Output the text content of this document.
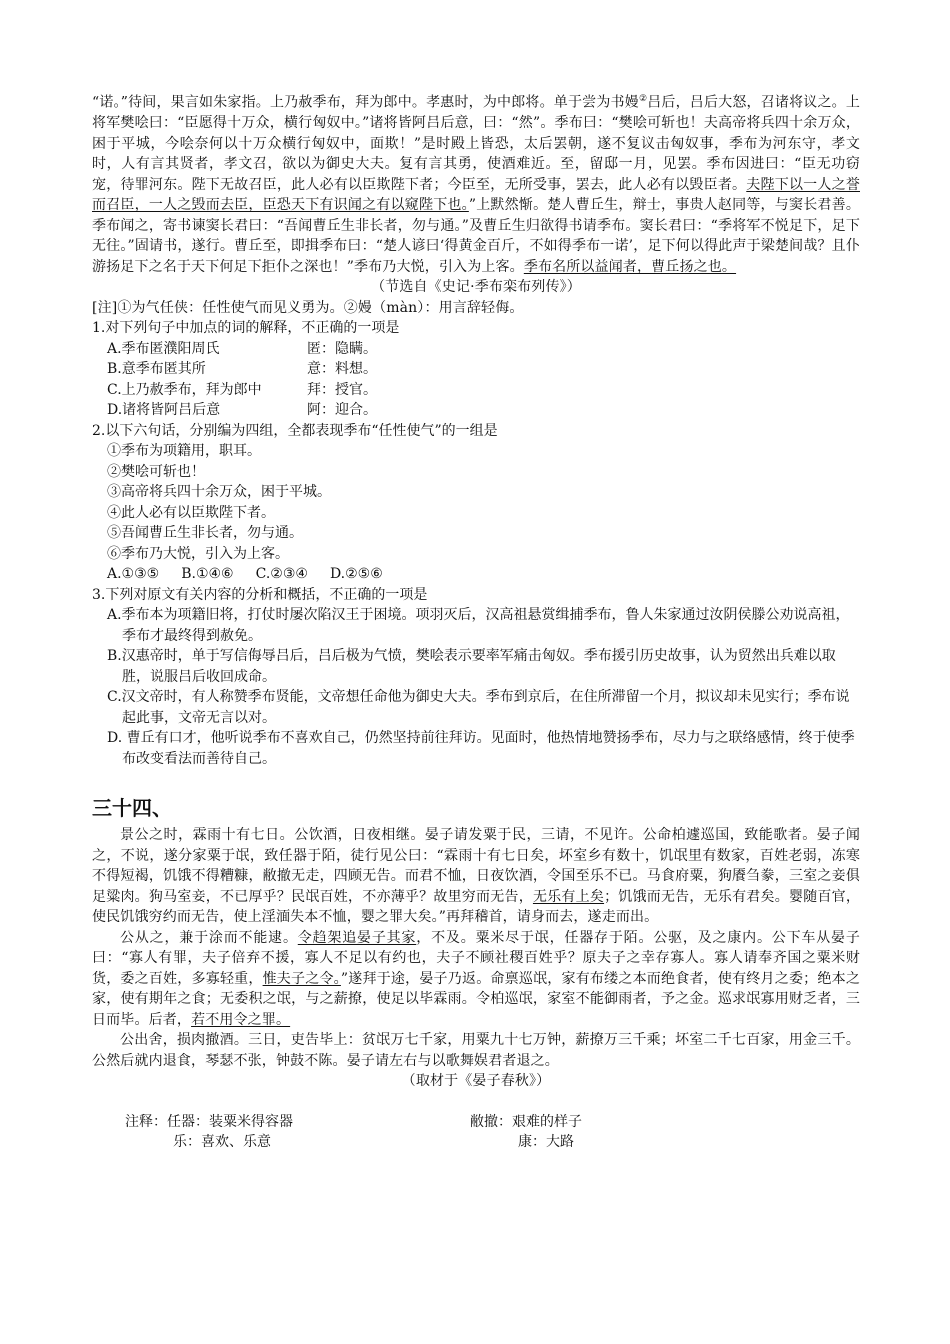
“诺。”待间，果言如朱家指。上乃赦季布，拜为郎中。孝惠时，为中郎将。单于尝为书嫚②吕后，吕后大怒，召诸将议之。上将军樊哙曰：“臣愿得十万众，横行匈奴中。”诸将皆阿吕后意，曰：“然”。季布曰：“樊哙可斩也！夫高帝将兵四十余万众，困于平城，今哙奈何以十万众横行匈奴中，面欺！”是时殿上皆恐，太后罢朝，遂不复议击匈奴事，季布为河东守，孝文时，人有言其贤者，孝文召，欲以为御史大夫。复有言其勇，使酒难近。至，留邸一月，见罢。季布因进曰：“臣无功窃宠，待罪河东。陛下无故召臣，此人必有以臣欺陛下者；今臣至，无所受事，罢去，此人必有以毁臣者。夫陛下以一人之誉而召臣，一人之毁而去臣，臣恐天下有识闻之有以窥陛下也。”上默然惭。楚人曹丘生，辩士，事贵人赵同等，与窦长君善。季布闻之，寄书谏窦长君曰：“吾闻曹丘生非长者，勿与通。”及曹丘生归欲得书请季布。窦长君曰：“季将军不悦足下，足下无往。”固请书，遂行。曹丘至，即揖季布曰：“楚人谚曰‘得黄金百斤，不如得季布一诺’，足下何以得此声于梁楚间哉？且仆游扬足下之名于天下何足下拒仆之深也！”季布乃大悦，引入为上客。季布名所以益闻者，曹丘扬之也。

（节选自《史记·季布栾布列传》）

[注]①为气任侠：任性使气而见义勇为。②嫚（màn）：用言辞轻侮。

1.对下列句子中加点的词的解释，不正确的一项是

A.季布匿濮阳周氏	匿：隐瞒。
B.意季布匿其所	意：料想。
C.上乃赦季布，拜为郎中	拜：授官。
D.诸将皆阿吕后意	阿：迎合。

2.以下六句话，分别编为四组，全都表现季布“任性使气”的一组是

①季布为项籍用，职耳。

②樊哙可斩也！

③高帝将兵四十余万众，困于平城。

④此人必有以臣欺陛下者。

⑤吾闻曹丘生非长者，勿与通。

⑥季布乃大悦，引入为上客。

A.①③⑤ B.①④⑥ C.②③④ D.②⑤⑥

3.下列对原文有关内容的分析和概括，不正确的一项是

A.季布本为项籍旧将，打仗时屡次陷汉王于困境。项羽灭后，汉高祖悬赏缉捕季布，鲁人朱家通过汝阴侯滕公劝说高祖，季布才最终得到赦免。

B.汉惠帝时，单于写信侮辱吕后，吕后极为气愤，樊哙表示要率军痛击匈奴。季布援引历史故事，认为贸然出兵难以取胜，说服吕后收回成命。

C.汉文帝时，有人称赞季布贤能，文帝想任命他为御史大夫。季布到京后，在住所滞留一个月，拟议却未见实行；季布说起此事，文帝无言以对。

D. 曹丘有口才，他听说季布不喜欢自己，仍然坚持前往拜访。见面时，他热情地赞扬季布，尽力与之联络感情，终于使季布改变看法而善待自己。

三十四、

景公之时，霖雨十有七日。公饮酒，日夜相继。晏子请发粟于民，三请，不见许。公命柏遽巡国，致能歌者。晏子闻之，不说，遂分家粟于氓，致任器于陌，徒行见公曰：“霖雨十有七日矣，坏室乡有数十，饥氓里有数家，百姓老弱，冻寒不得短褐，饥饿不得糟糠，敝撤无走，四顾无告。而君不恤，日夜饮酒，令国至乐不已。马食府粟，狗餍刍豢，三室之妾俱足粱肉。狗马室妾，不已厚乎？民氓百姓，不亦薄乎？故里穷而无告，无乐有上矣；饥饿而无告，无乐有君矣。婴随百官，使民饥饿穷约而无告，使上淫湎失本不恤，婴之罪大矣。”再拜稽首，请身而去，遂走而出。

公从之，兼于涂而不能逮。令趋架追晏子其家，不及。粟米尽于氓，任器存于陌。公驱，及之康内。公下车从晏子曰：“寡人有罪，夫子倍弃不援，寡人不足以有约也，夫子不顾社稷百姓乎？原夫子之幸存寡人。寡人请奉齐国之粟米财货，委之百姓，多寡轻重，惟夫子之令。”遂拜于途，晏子乃返。命禀巡氓，家有布缕之本而绝食者，使有终月之委；绝本之家，使有期年之食；无委积之氓，与之薪撩，使足以毕霖雨。令柏巡氓，家室不能御雨者，予之金。巡求氓寡用财乏者，三日而毕。后者，若不用令之罪。

公出舍，损肉撤酒。三日，吏告毕上：贫氓万七千家，用粟九十七万钟，薪撩万三千乘；坏室二千七百家，用金三千。公然后就内退食，琴瑟不张，钟鼓不陈。晏子请左右与以歌舞娱君者退之。

（取材于《晏子春秋》）

注释：任器：装粟米得容器	敝撤：艰难的样子
乐：喜欢、乐意	康：大路
